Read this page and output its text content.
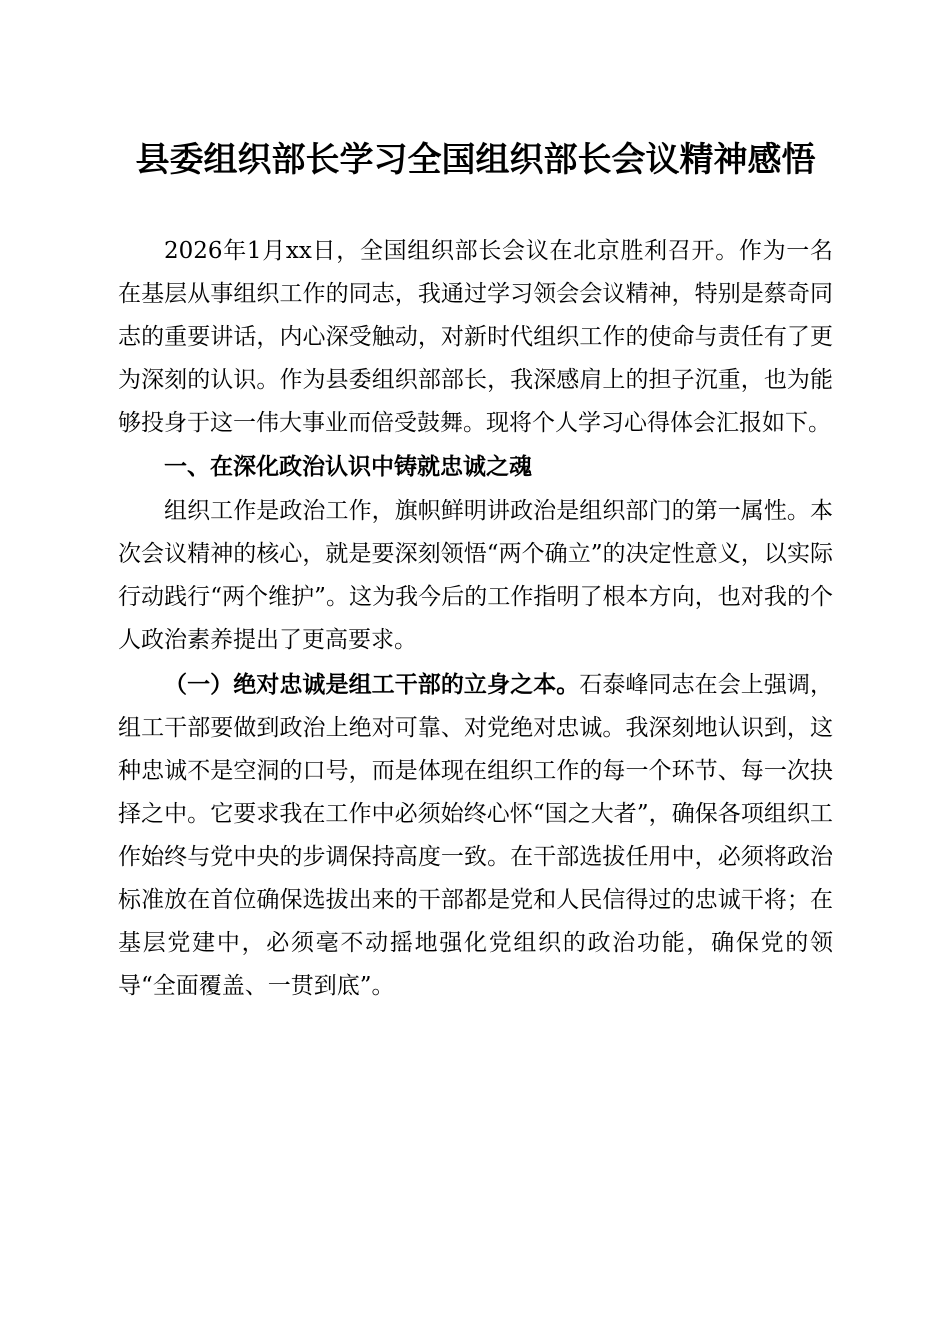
县委组织部长学习全国组织部长会议精神感悟

2026年1月xx日，全国组织部长会议在北京胜利召开。作为一名在基层从事组织工作的同志，我通过学习领会会议精神，特别是蔡奇同志的重要讲话，内心深受触动，对新时代组织工作的使命与责任有了更为深刻的认识。作为县委组织部部长，我深感肩上的担子沉重，也为能够投身于这一伟大事业而倍受鼓舞。现将个人学习心得体会汇报如下。

一、在深化政治认识中铸就忠诚之魂

组织工作是政治工作，旗帜鲜明讲政治是组织部门的第一属性。本次会议精神的核心，就是要深刻领悟“两个确立”的决定性意义，以实际行动践行“两个维护”。这为我今后的工作指明了根本方向，也对我的个人政治素养提出了更高要求。

（一）绝对忠诚是组工干部的立身之本。石泰峰同志在会上强调，组工干部要做到政治上绝对可靠、对党绝对忠诚。我深刻地认识到，这种忠诚不是空洞的口号，而是体现在组织工作的每一个环节、每一次抉择之中。它要求我在工作中必须始终心怀“国之大者”，确保各项组织工作始终与党中央的步调保持高度一致。在干部选拔任用中，必须将政治标准放在首位确保选拔出来的干部都是党和人民信得过的忠诚干将；在基层党建中，必须毫不动摇地强化党组织的政治功能，确保党的领导“全面覆盖、一贯到底”。
